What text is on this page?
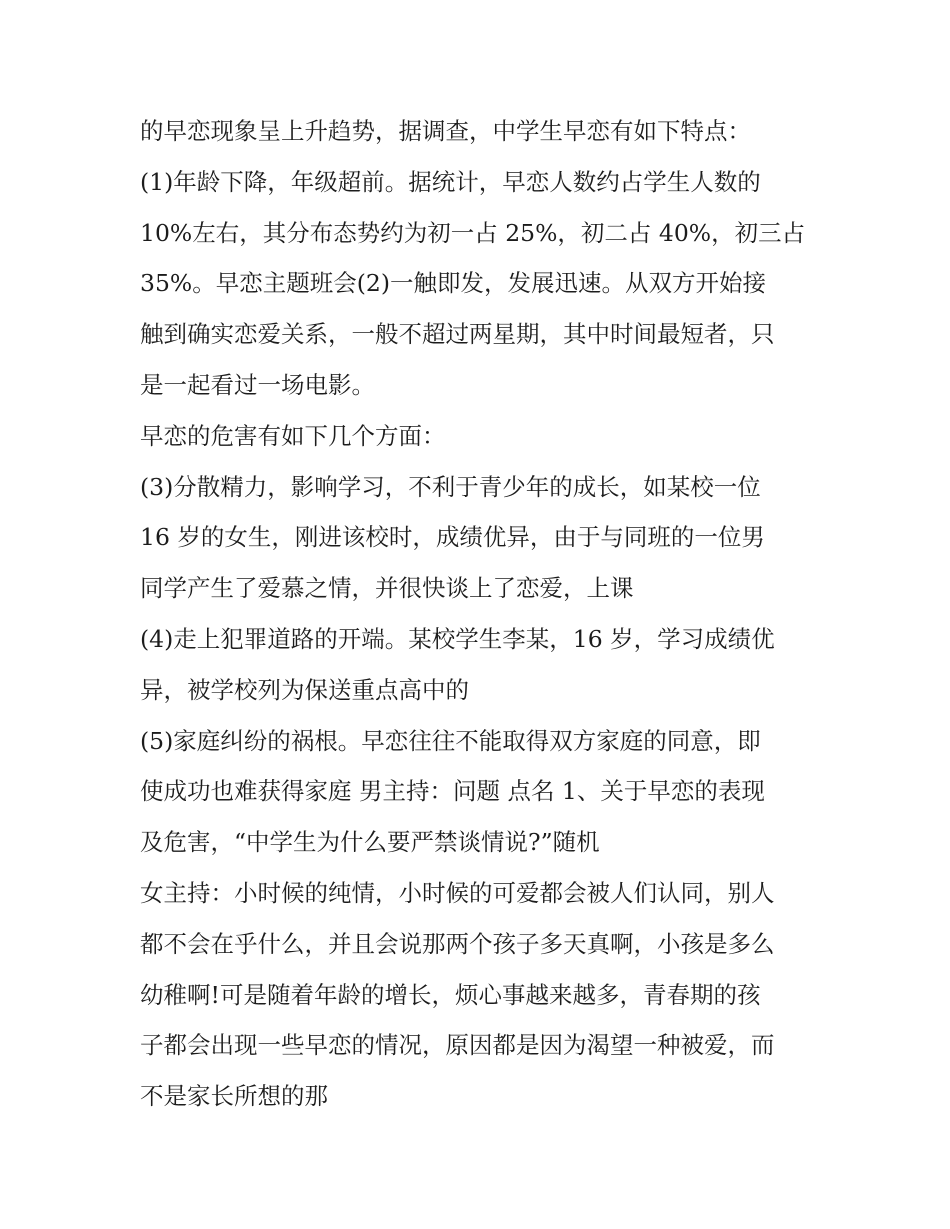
的早恋现象呈上升趋势，据调查，中学生早恋有如下特点：
(1)年龄下降，年级超前。据统计，早恋人数约占学生人数的
10%左右，其分布态势约为初一占 25%，初二占 40%，初三占
35%。早恋主题班会(2)一触即发，发展迅速。从双方开始接
触到确实恋爱关系，一般不超过两星期，其中时间最短者，只
是一起看过一场电影。
早恋的危害有如下几个方面：
(3)分散精力，影响学习，不利于青少年的成长，如某校一位
16 岁的女生，刚进该校时，成绩优异，由于与同班的一位男
同学产生了爱慕之情，并很快谈上了恋爱，上课
(4)走上犯罪道路的开端。某校学生李某，16 岁，学习成绩优
异，被学校列为保送重点高中的
(5)家庭纠纷的祸根。早恋往往不能取得双方家庭的同意，即
使成功也难获得家庭 男主持：问题 点名 1、关于早恋的表现
及危害，“中学生为什么要严禁谈情说?”随机
女主持：小时候的纯情，小时候的可爱都会被人们认同，别人
都不会在乎什么，并且会说那两个孩子多天真啊，小孩是多么
幼稚啊!可是随着年龄的增长，烦心事越来越多，青春期的孩
子都会出现一些早恋的情况，原因都是因为渴望一种被爱，而
不是家长所想的那
